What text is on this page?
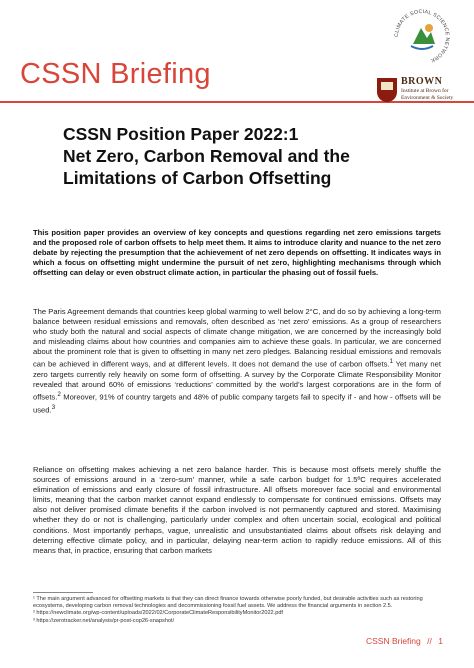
CSSN Briefing
CLIMATE SOCIAL SCIENCE NETWORK
BROWN
Institute at Brown for Environment & Society
CSSN Position Paper 2022:1
Net Zero, Carbon Removal and the
Limitations of Carbon Offsetting
This position paper provides an overview of key concepts and questions regarding net zero emissions targets and the proposed role of carbon offsets to help meet them. It aims to introduce clarity and nuance to the net zero debate by rejecting the presumption that the achievement of net zero depends on offsetting. It indicates ways in which a focus on offsetting might undermine the pursuit of net zero, highlighting mechanisms through which offsetting can delay or even obstruct climate action, in particular the phasing out of fossil fuels.
The Paris Agreement demands that countries keep global warming to well below 2°C, and do so by achieving a long-term balance between residual emissions and removals, often described as ‘net zero’ emissions. As a group of researchers who study both the natural and social aspects of climate change mitigation, we are concerned by the increasingly bold and misleading claims about how countries and companies aim to achieve these goals. In particular, we are concerned about the prominent role that is given to offsetting in many net zero pledges. Balancing residual emissions and removals can be achieved in different ways, and at different levels. It does not demand the use of carbon offsets.$^1$ Yet many net zero targets currently rely heavily on some form of offsetting. A survey by the Corporate Climate Responsibility Monitor revealed that around 60% of emissions ‘reductions’ committed by the world’s largest corporations are in the form of offsets.$^2$ Moreover, 91% of country targets and 48% of public company targets fail to specify if - and how - offsets will be used.$^3$
Reliance on offsetting makes achieving a net zero balance harder. This is because most offsets merely shuffle the sources of emissions around in a ‘zero-sum’ manner, while a safe carbon budget for 1.5ºC requires accelerated elimination of emissions and early closure of fossil infrastructure. All offsets moreover face social and environmental limits, meaning that the carbon market cannot expand endlessly to compensate for continued emissions. Offsets may also not deliver promised climate benefits if the carbon involved is not permanently captured and stored. Maximising whether they do or not is challenging, particularly under complex and often uncertain social, ecological and political conditions. Most importantly perhaps, vague, unrealistic and unsubstantiated claims about offsets risk delaying and deterring effective climate policy, and in particular, delaying near-term action to rapidly reduce emissions. All of this means that, in practice, ensuring that carbon markets
¹ The main argument advanced for offsetting markets is that they can direct finance towards otherwise poorly funded, but desirable activities such as restoring ecosystems, developing carbon removal technologies and decommissioning fossil fuel assets. We address the financial arguments in section 2.5.
² https://newclimate.org/wp-content/uploads/2022/02/CorporateClimateResponsibilityMonitor2022.pdf
³ https://zerotracker.net/analysis/pr-post-cop26-snapshot/
CSSN Briefing // 1
